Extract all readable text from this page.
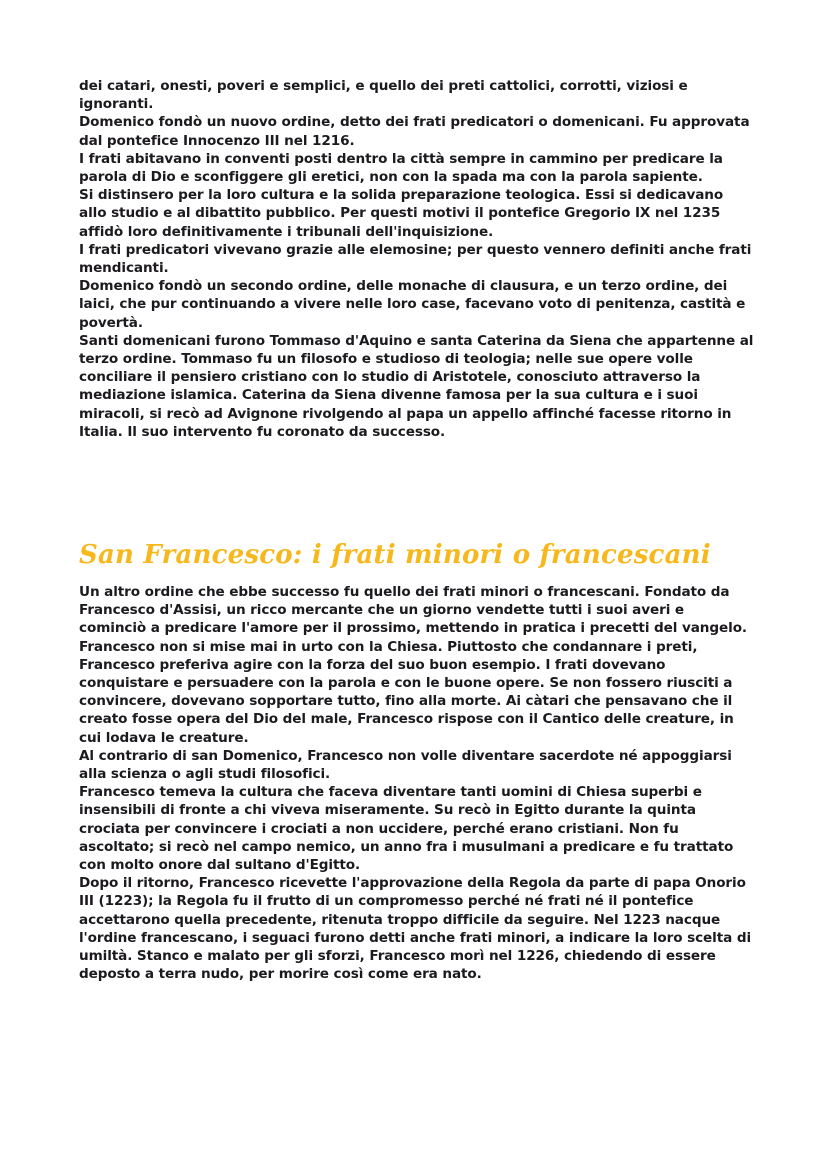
dei catari, onesti, poveri e semplici, e quello dei preti cattolici, corrotti, viziosi e ignoranti.

Domenico fondò un nuovo ordine, detto dei frati predicatori o domenicani. Fu approvata dal pontefice Innocenzo III nel 1216.

I frati abitavano in conventi posti dentro la città sempre in cammino per predicare la parola di Dio e sconfiggere gli eretici, non con la spada ma con la parola sapiente.

Si distinsero per la loro cultura e la solida preparazione teologica. Essi si dedicavano allo studio e al dibattito pubblico. Per questi motivi il pontefice Gregorio IX nel 1235 affidò loro definitivamente i tribunali dell'inquisizione.

I frati predicatori vivevano grazie alle elemosine; per questo vennero definiti anche frati mendicanti.

Domenico fondò un secondo ordine, delle monache di clausura, e un terzo ordine, dei laici, che pur continuando a vivere nelle loro case, facevano voto di penitenza, castità e povertà.

Santi domenicani furono Tommaso d'Aquino e santa Caterina da Siena che appartenne al terzo ordine. Tommaso fu un filosofo e studioso di teologia; nelle sue opere volle conciliare il pensiero cristiano con lo studio di Aristotele, conosciuto attraverso la mediazione islamica. Caterina da Siena divenne famosa per la sua cultura e i suoi miracoli, si recò ad Avignone rivolgendo al papa un appello affinché facesse ritorno in Italia. Il suo intervento fu coronato da successo.

San Francesco: i frati minori o francescani

Un altro ordine che ebbe successo fu quello dei frati minori o francescani. Fondato da Francesco d'Assisi, un ricco mercante che un giorno vendette tutti i suoi averi e cominciò a predicare l'amore per il prossimo, mettendo in pratica i precetti del vangelo.

Francesco non si mise mai in urto con la Chiesa. Piuttosto che condannare i preti, Francesco preferiva agire con la forza del suo buon esempio. I frati dovevano conquistare e persuadere con la parola e con le buone opere. Se non fossero riusciti a convincere, dovevano sopportare tutto, fino alla morte. Ai càtari che pensavano che il creato fosse opera del Dio del male, Francesco rispose con il Cantico delle creature, in cui lodava le creature.

Al contrario di san Domenico, Francesco non volle diventare sacerdote né appoggiarsi alla scienza o agli studi filosofici.

Francesco temeva la cultura che faceva diventare tanti uomini di Chiesa superbi e insensibili di fronte a chi viveva miseramente. Su recò in Egitto durante la quinta crociata per convincere i crociati a non uccidere, perché erano cristiani. Non fu ascoltato; si recò nel campo nemico, un anno fra i musulmani a predicare e fu trattato con molto onore dal sultano d'Egitto.

Dopo il ritorno, Francesco ricevette l'approvazione della Regola da parte di papa Onorio III (1223); la Regola fu il frutto di un compromesso perché né frati né il pontefice accettarono quella precedente, ritenuta troppo difficile da seguire. Nel 1223 nacque l'ordine francescano, i seguaci furono detti anche frati minori, a indicare la loro scelta di umiltà. Stanco e malato per gli sforzi, Francesco morì nel 1226, chiedendo di essere deposto a terra nudo, per morire così come era nato.
